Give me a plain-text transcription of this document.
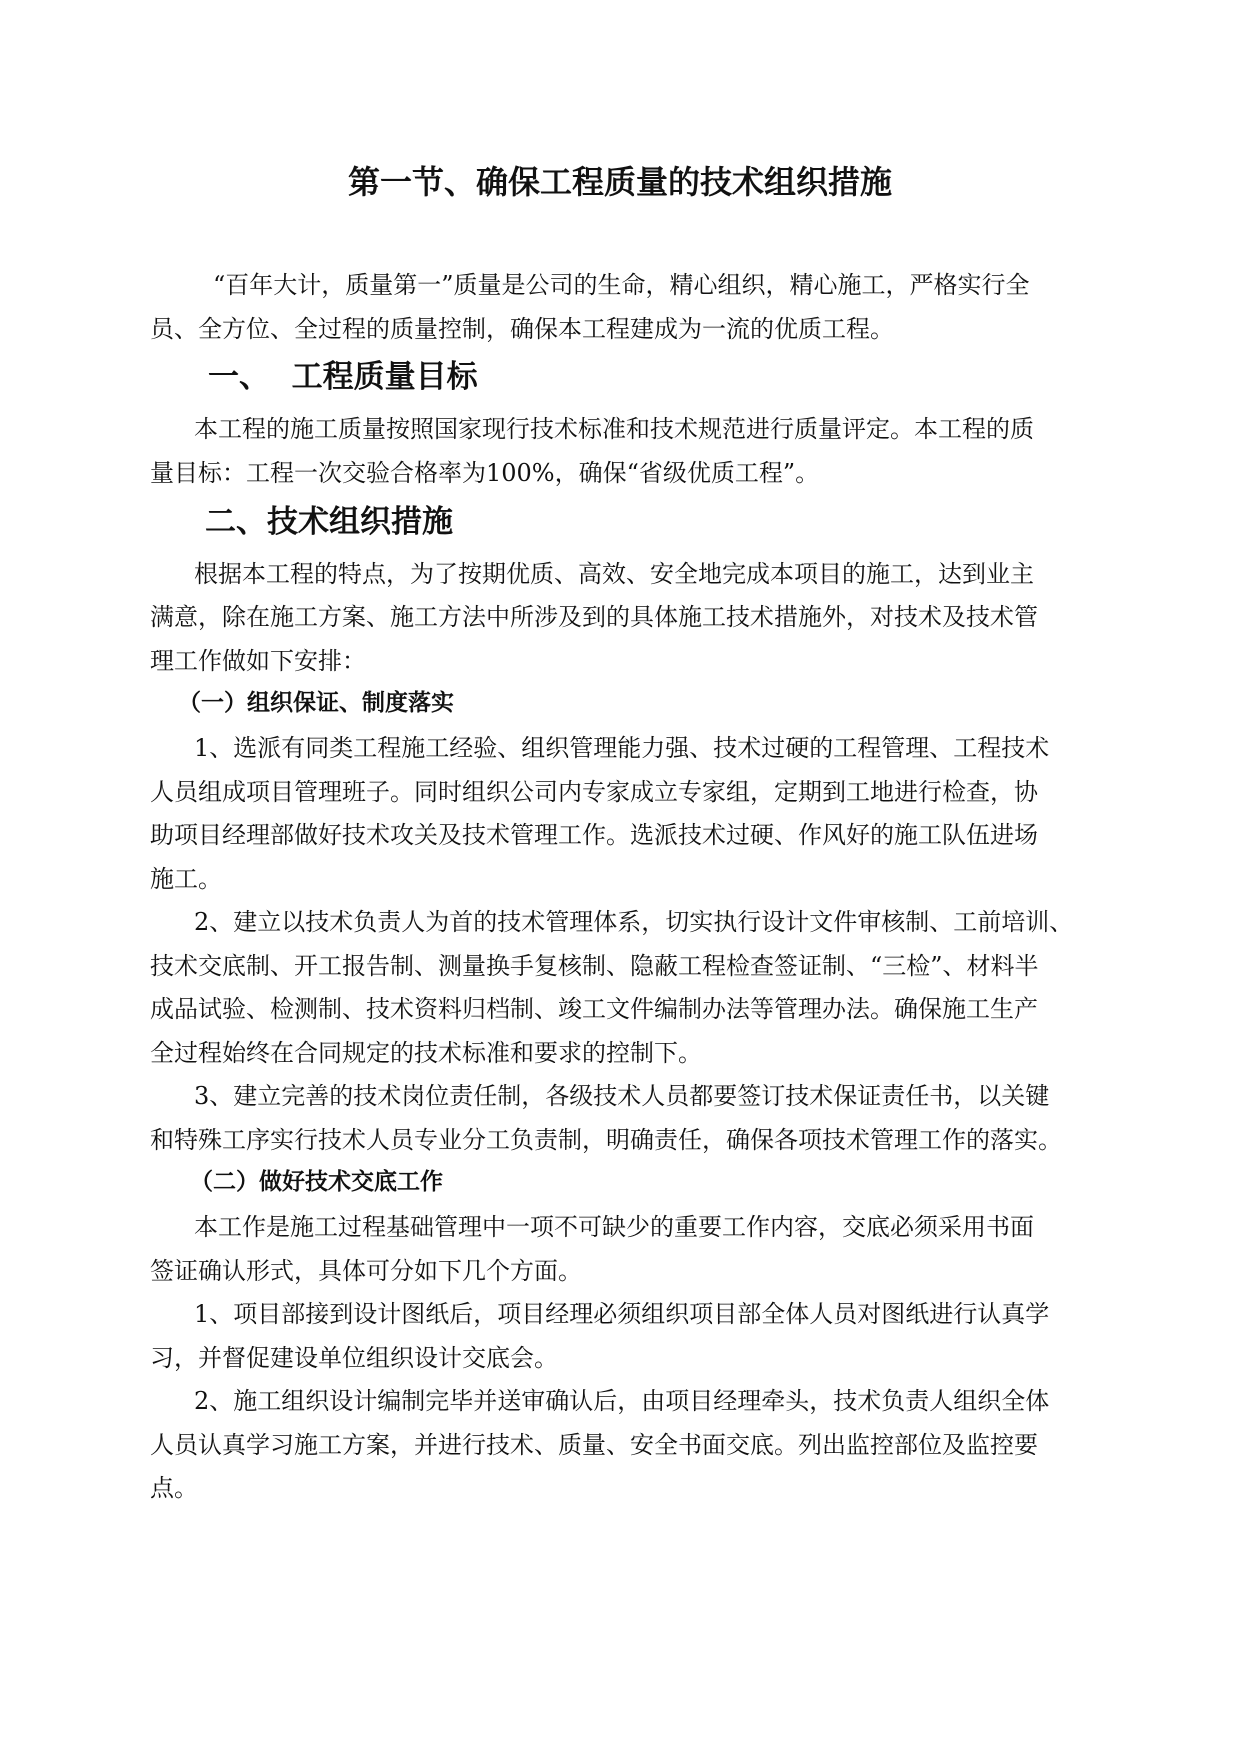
第一节、确保工程质量的技术组织措施

“百年大计，质量第一”质量是公司的生命，精心组织，精心施工，严格实行全

员、全方位、全过程的质量控制，确保本工程建成为一流的优质工程。

一、  工程质量目标

本工程的施工质量按照国家现行技术标准和技术规范进行质量评定。本工程的质

量目标：工程一次交验合格率为100%，确保“省级优质工程”。

二、技术组织措施

根据本工程的特点，为了按期优质、高效、安全地完成本项目的施工，达到业主

满意，除在施工方案、施工方法中所涉及到的具体施工技术措施外，对技术及技术管

理工作做如下安排：

（一）组织保证、制度落实

1、选派有同类工程施工经验、组织管理能力强、技术过硬的工程管理、工程技术

人员组成项目管理班子。同时组织公司内专家成立专家组，定期到工地进行检查，协

助项目经理部做好技术攻关及技术管理工作。选派技术过硬、作风好的施工队伍进场

施工。

2、建立以技术负责人为首的技术管理体系，切实执行设计文件审核制、工前培训、

技术交底制、开工报告制、测量换手复核制、隐蔽工程检查签证制、“三检”、材料半

成品试验、检测制、技术资料归档制、竣工文件编制办法等管理办法。确保施工生产

全过程始终在合同规定的技术标准和要求的控制下。

3、建立完善的技术岗位责任制，各级技术人员都要签订技术保证责任书，以关键

和特殊工序实行技术人员专业分工负责制，明确责任，确保各项技术管理工作的落实。

（二）做好技术交底工作

本工作是施工过程基础管理中一项不可缺少的重要工作内容，交底必须采用书面

签证确认形式，具体可分如下几个方面。

1、项目部接到设计图纸后，项目经理必须组织项目部全体人员对图纸进行认真学

习，并督促建设单位组织设计交底会。

2、施工组织设计编制完毕并送审确认后，由项目经理牵头，技术负责人组织全体

人员认真学习施工方案，并进行技术、质量、安全书面交底。列出监控部位及监控要

点。
